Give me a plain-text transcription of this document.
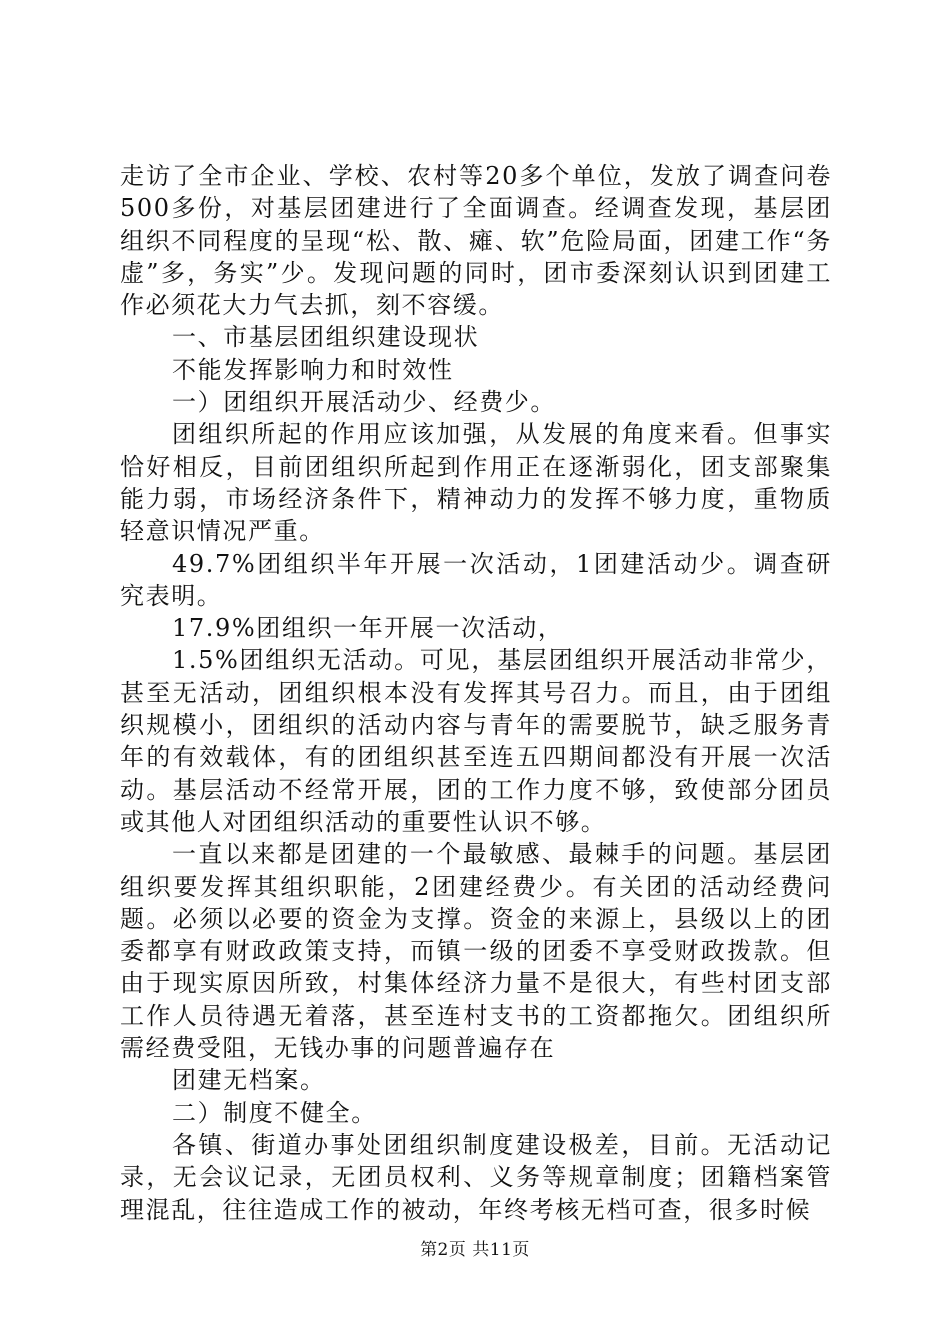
走访了全市企业、学校、农村等20多个单位，发放了调查问卷500多份，对基层团建进行了全面调查。经调查发现，基层团组织不同程度的呈现“松、散、瘫、软”危险局面，团建工作“务虚”多，务实”少。发现问题的同时，团市委深刻认识到团建工作必须花大力气去抓，刻不容缓。

一、市基层团组织建设现状

不能发挥影响力和时效性

一）团组织开展活动少、经费少。

团组织所起的作用应该加强，从发展的角度来看。但事实恰好相反，目前团组织所起到作用正在逐渐弱化，团支部聚集能力弱，市场经济条件下，精神动力的发挥不够力度，重物质轻意识情况严重。

49.7%团组织半年开展一次活动，1团建活动少。调查研究表明。

17.9%团组织一年开展一次活动，

1.5%团组织无活动。可见，基层团组织开展活动非常少，甚至无活动，团组织根本没有发挥其号召力。而且，由于团组织规模小，团组织的活动内容与青年的需要脱节，缺乏服务青年的有效载体，有的团组织甚至连五四期间都没有开展一次活动。基层活动不经常开展，团的工作力度不够，致使部分团员或其他人对团组织活动的重要性认识不够。

一直以来都是团建的一个最敏感、最棘手的问题。基层团组织要发挥其组织职能，2团建经费少。有关团的活动经费问题。必须以必要的资金为支撑。资金的来源上，县级以上的团委都享有财政政策支持，而镇一级的团委不享受财政拨款。但由于现实原因所致，村集体经济力量不是很大，有些村团支部工作人员待遇无着落，甚至连村支书的工资都拖欠。团组织所需经费受阻，无钱办事的问题普遍存在

团建无档案。

二）制度不健全。

各镇、街道办事处团组织制度建设极差，目前。无活动记录，无会议记录，无团员权利、义务等规章制度；团籍档案管理混乱，往往造成工作的被动，年终考核无档可查，很多时候

第2页 共11页
